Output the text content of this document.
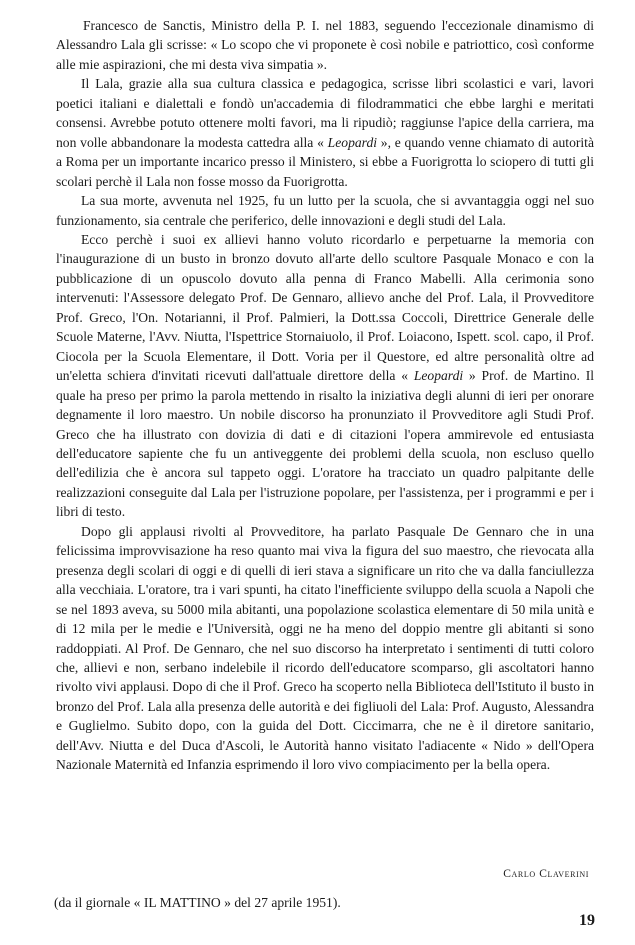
Francesco de Sanctis, Ministro della P. I. nel 1883, seguendo l'eccezionale dinamismo di Alessandro Lala gli scrisse: « Lo scopo che vi proponete è così nobile e patriottico, così conforme alle mie aspirazioni, che mi desta viva simpatia ».

Il Lala, grazie alla sua cultura classica e pedagogica, scrisse libri scolastici e vari, lavori poetici italiani e dialettali e fondò un'accademia di filodrammatici che ebbe larghi e meritati consensi. Avrebbe potuto ottenere molti favori, ma li ripudiò; raggiunse l'apice della carriera, ma non volle abbandonare la modesta cattedra alla « Leopardi », e quando venne chiamato di autorità a Roma per un importante incarico presso il Ministero, si ebbe a Fuorigrotta lo sciopero di tutti gli scolari perchè il Lala non fosse mosso da Fuorigrotta.

La sua morte, avvenuta nel 1925, fu un lutto per la scuola, che si avvantaggia oggi nel suo funzionamento, sia centrale che periferico, delle innovazioni e degli studi del Lala.

Ecco perchè i suoi ex allievi hanno voluto ricordarlo e perpetuarne la memoria con l'inaugurazione di un busto in bronzo dovuto all'arte dello scultore Pasquale Monaco e con la pubblicazione di un opuscolo dovuto alla penna di Franco Mabelli. Alla cerimonia sono intervenuti: l'Assessore delegato Prof. De Gennaro, allievo anche del Prof. Lala, il Provveditore Prof. Greco, l'On. Notarianni, il Prof. Palmieri, la Dott.ssa Coccoli, Direttrice Generale delle Scuole Materne, l'Avv. Niutta, l'Ispettrice Stornaiuolo, il Prof. Loiacono, Ispett. scol. capo, il Prof. Ciocola per la Scuola Elementare, il Dott. Voria per il Questore, ed altre personalità oltre ad un'eletta schiera d'invitati ricevuti dall'attuale direttore della « Leopardi » Prof. de Martino. Il quale ha preso per primo la parola mettendo in risalto la iniziativa degli alunni di ieri per onorare degnamente il loro maestro. Un nobile discorso ha pronunziato il Provveditore agli Studi Prof. Greco che ha illustrato con dovizia di dati e di citazioni l'opera ammirevole ed entusiasta dell'educatore sapiente che fu un antiveggente dei problemi della scuola, non escluso quello dell'edilizia che è ancora sul tappeto oggi. L'oratore ha tracciato un quadro palpitante delle realizzazioni conseguite dal Lala per l'istruzione popolare, per l'assistenza, per i programmi e per i libri di testo.

Dopo gli applausi rivolti al Provveditore, ha parlato Pasquale De Gennaro che in una felicissima improvvisazione ha reso quanto mai viva la figura del suo maestro, che rievocata alla presenza degli scolari di oggi e di quelli di ieri stava a significare un rito che va dalla fanciullezza alla vecchiaia. L'oratore, tra i vari spunti, ha citato l'inefficiente sviluppo della scuola a Napoli che se nel 1893 aveva, su 5000 mila abitanti, una popolazione scolastica elementare di 50 mila unità e di 12 mila per le medie e l'Università, oggi ne ha meno del doppio mentre gli abitanti si sono raddoppiati. Al Prof. De Gennaro, che nel suo discorso ha interpretato i sentimenti di tutti coloro che, allievi e non, serbano indelebile il ricordo dell'educatore scomparso, gli ascoltatori hanno rivolto vivi applausi. Dopo di che il Prof. Greco ha scoperto nella Biblioteca dell'Istituto il busto in bronzo del Prof. Lala alla presenza delle autorità e dei figliuoli del Lala: Prof. Augusto, Alessandra e Guglielmo. Subito dopo, con la guida del Dott. Ciccimarra, che ne è il diretore sanitario, dell'Avv. Niutta e del Duca d'Ascoli, le Autorità hanno visitato l'adiacente « Nido » dell'Opera Nazionale Maternità ed Infanzia esprimendo il loro vivo compiacimento per la bella opera.

Carlo Claverini
(da il giornale « IL MATTINO » del 27 aprile 1951).
19
